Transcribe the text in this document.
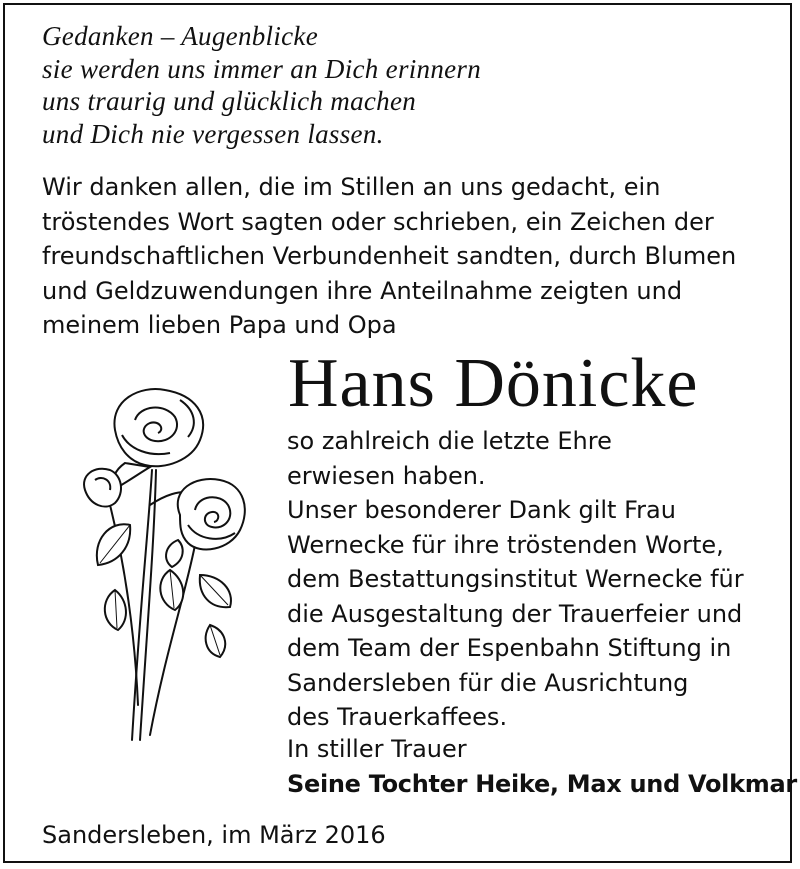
Gedanken – Augenblicke
sie werden uns immer an Dich erinnern
uns traurig und glücklich machen
und Dich nie vergessen lassen.
Wir danken allen, die im Stillen an uns gedacht, ein
tröstendes Wort sagten oder schrieben, ein Zeichen der
freundschaftlichen Verbundenheit sandten, durch Blumen
und Geldzuwendungen ihre Anteilnahme zeigten und
meinem lieben Papa und Opa
Hans Dönicke
so zahlreich die letzte Ehre
erwiesen haben.
Unser besonderer Dank gilt Frau
Wernecke für ihre tröstenden Worte,
dem Bestattungsinstitut Wernecke für
die Ausgestaltung der Trauerfeier und
dem Team der Espenbahn Stiftung in
Sandersleben für die Ausrichtung
des Trauerkaffees.
In stiller Trauer
Seine Tochter Heike, Max und Volkmar
Sandersleben, im März 2016
